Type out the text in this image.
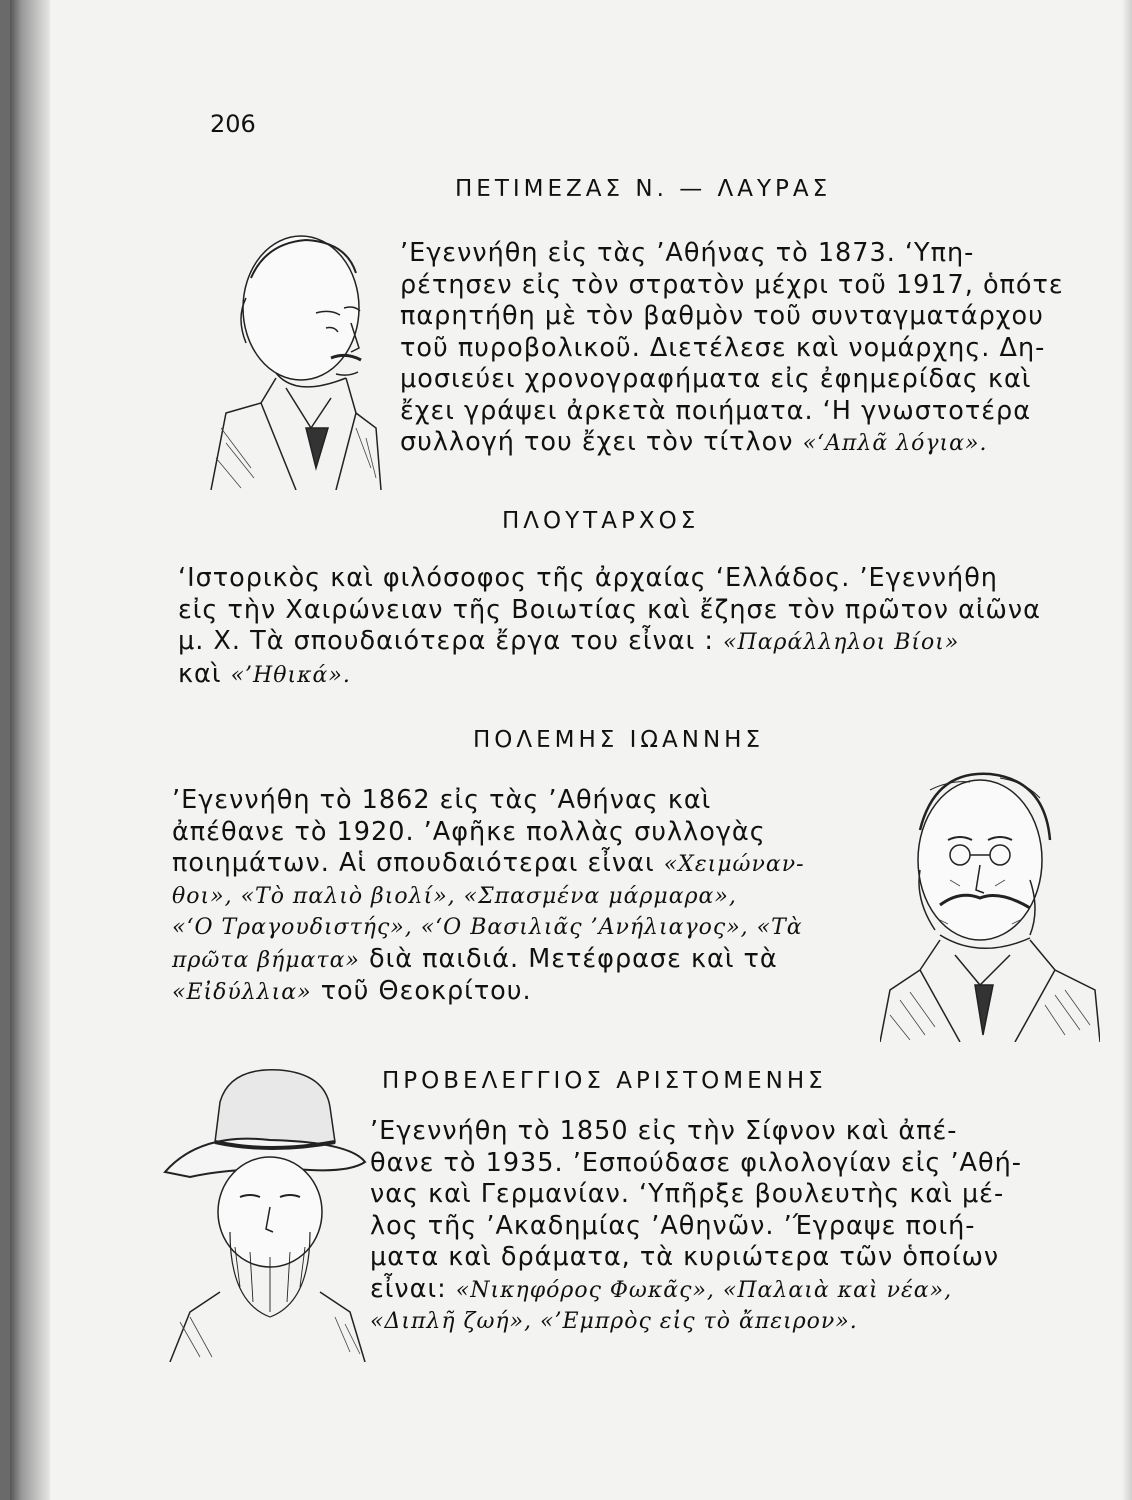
206
ΠΕΤΙΜΕΖΑΣ Ν. — ΛΑΥΡΑΣ
’Εγεννήθη εἰς τὰς ’Αθήνας τὸ 1873. ‘Υπη-
ρέτησεν εἰς τὸν στρατὸν μέχρι τοῦ 1917, ὁπότε
παρητήθη μὲ τὸν βαθμὸν τοῦ συνταγματάρχου
τοῦ πυροβολικοῦ. Διετέλεσε καὶ νομάρχης. Δη-
μοσιεύει χρονογραφήματα εἰς ἐφημερίδας καὶ
ἔχει γράψει ἀρκετὰ ποιήματα. ‘Η γνωστοτέρα
συλλογή του ἔχει τὸν τίτλον «‘Απλᾶ λόγια».
ΠΛΟΥΤΑΡΧΟΣ
‘Ιστορικὸς καὶ φιλόσοφος τῆς ἀρχαίας ‘Ελλάδος. ’Εγεννήθη
εἰς τὴν Χαιρώνειαν τῆς Βοιωτίας καὶ ἔζησε τὸν πρῶτον αἰῶνα
μ. Χ. Τὰ σπουδαιότερα ἔργα του εἶναι : «Παράλληλοι Βίοι»
καὶ «’Ηθικά».
ΠΟΛΕΜΗΣ ΙΩΑΝΝΗΣ
’Εγεννήθη τὸ 1862 εἰς τὰς ’Αθήνας καὶ
ἀπέθανε τὸ 1920. ’Αφῆκε πολλὰς συλλογὰς
ποιημάτων. Αἱ σπουδαιότεραι εἶναι «Χειμώναν-
θοι», «Τὸ παλιὸ βιολί», «Σπασμένα μάρμαρα»,
«‘Ο Τραγουδιστής», «‘Ο Βασιλιᾶς ’Ανήλιαγος», «Τὰ
πρῶτα βήματα» διὰ παιδιά. Μετέφρασε καὶ τὰ
«Εἰδύλλια» τοῦ Θεοκρίτου.
ΠΡΟΒΕΛΕΓΓΙΟΣ ΑΡΙΣΤΟΜΕΝΗΣ
’Εγεννήθη τὸ 1850 εἰς τὴν Σίφνον καὶ ἀπέ-
θανε τὸ 1935. ’Εσπούδασε φιλολογίαν εἰς ’Αθή-
νας καὶ Γερμανίαν. ‘Υπῆρξε βουλευτὴς καὶ μέ-
λος τῆς ’Ακαδημίας ’Αθηνῶν. ’Έγραψε ποιή-
ματα καὶ δράματα, τὰ κυριώτερα τῶν ὁποίων
εἶναι: «Νικηφόρος Φωκᾶς», «Παλαιὰ καὶ νέα»,
«Διπλῆ ζωή», «’Εμπρὸς εἰς τὸ ἄπειρον».
